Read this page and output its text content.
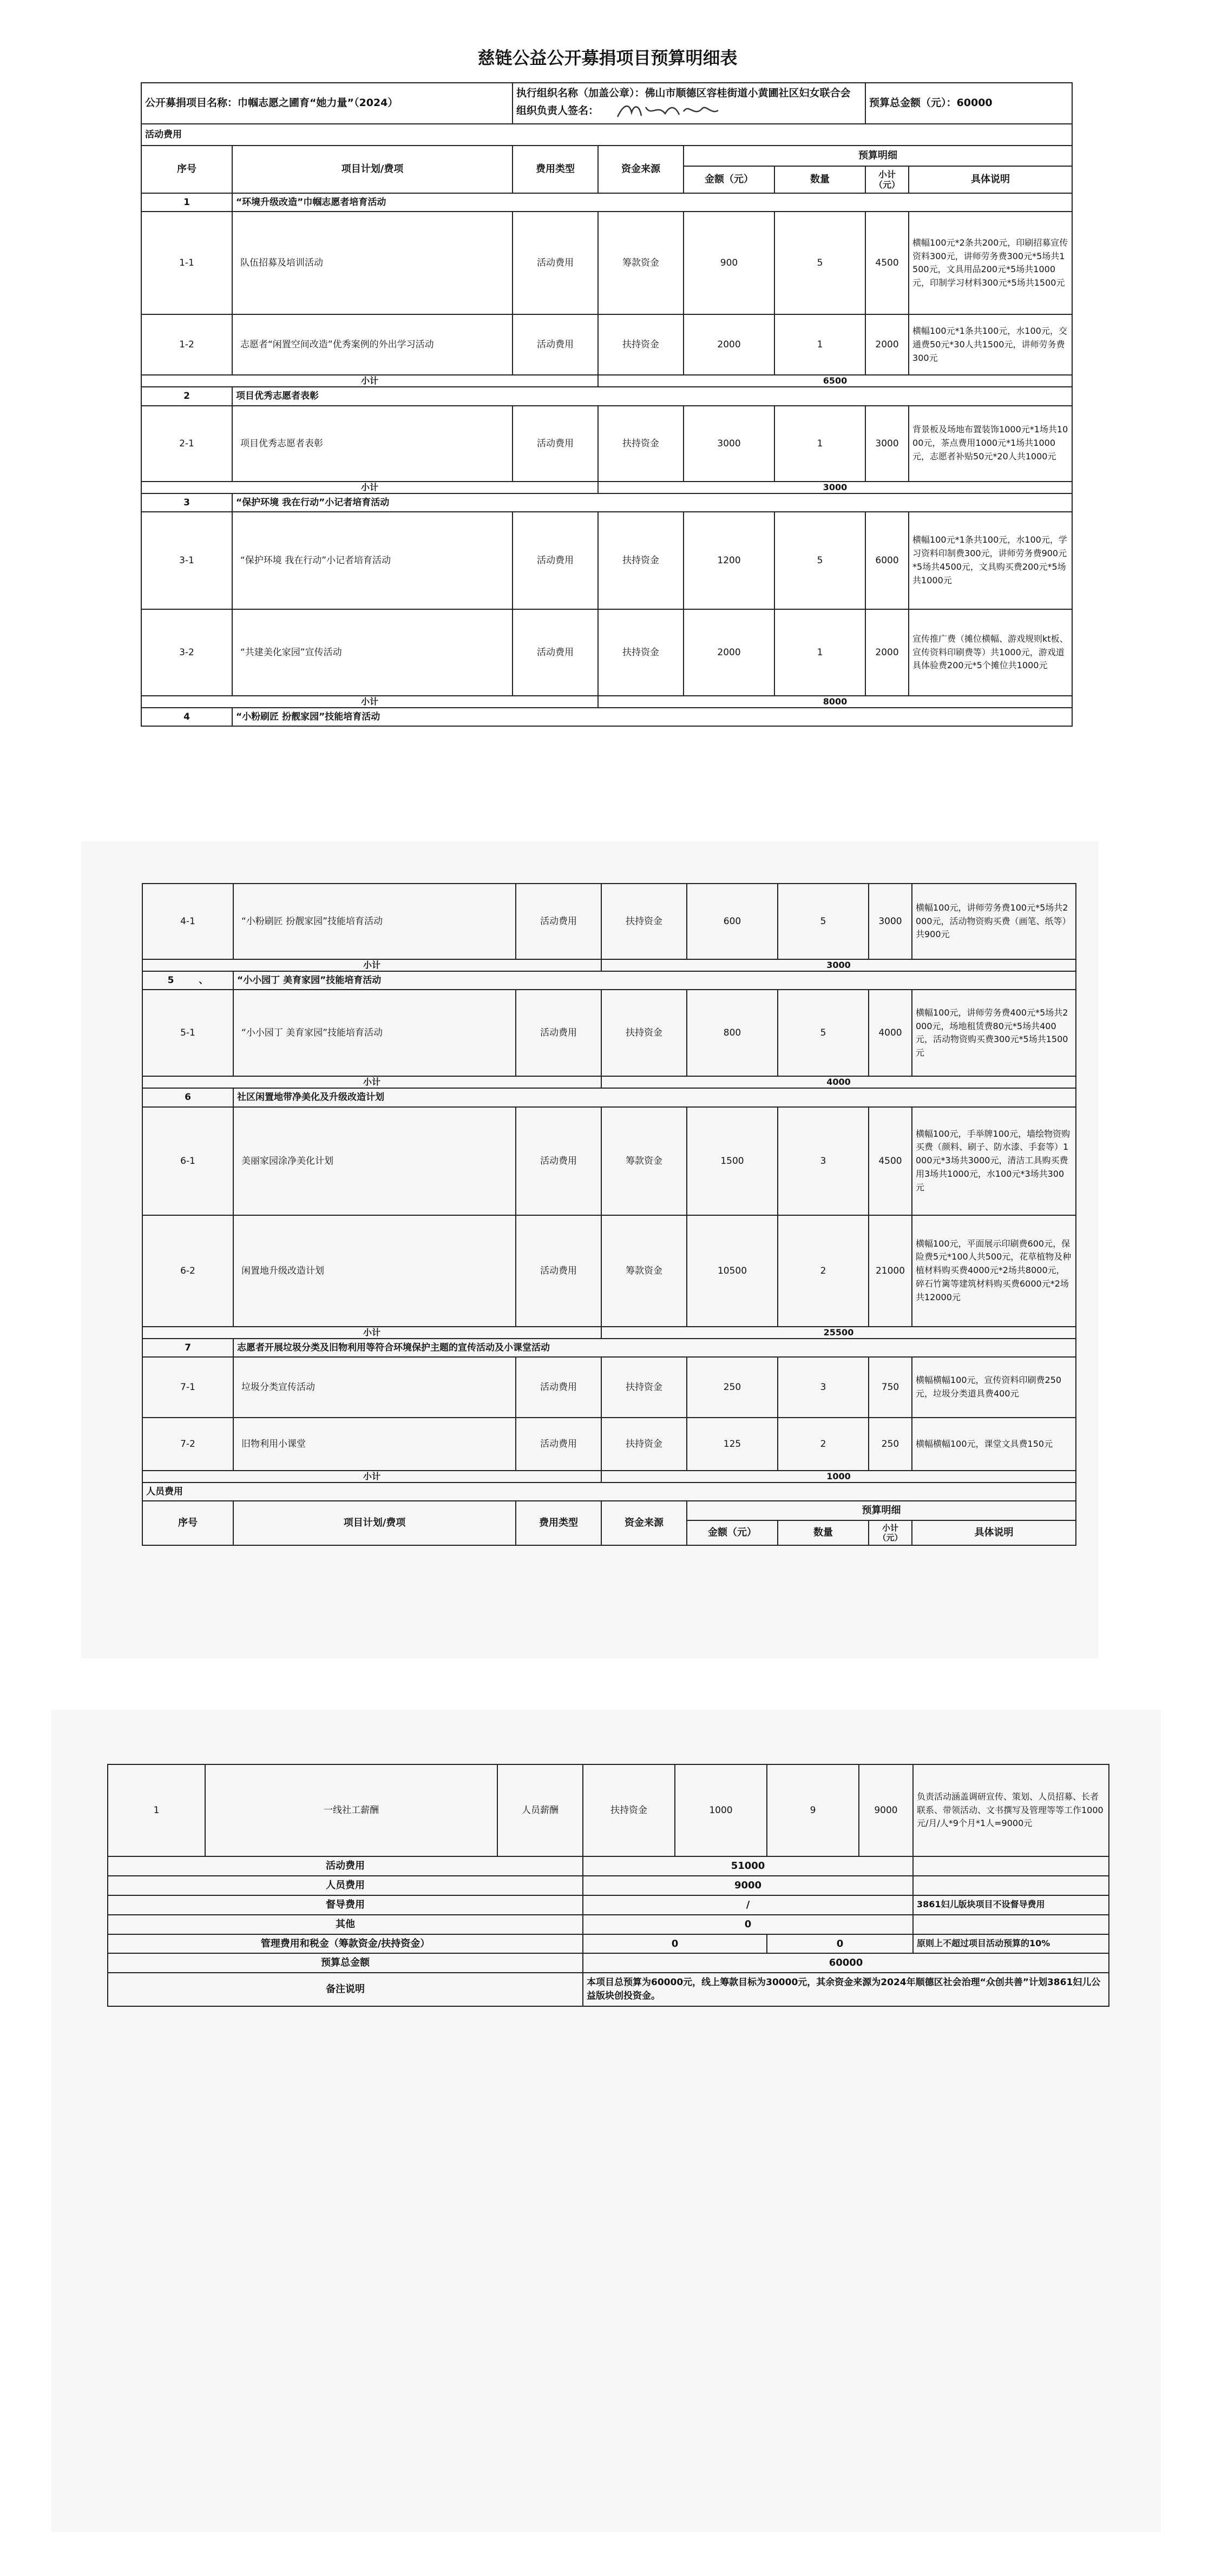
慈链公益公开募捐项目预算明细表
公开募捐项目名称：巾帼志愿之圃育“她力量”（2024）		执行组织名称（加盖公章）：佛山市顺德区容桂街道小黄圃社区妇女联合会
组织负责人签名：				预算总金额（元）：60000	
活动费用							
序号	项目计划/费项	费用类型	资金来源	预算明细			
				金额（元）	数量	小计（元）	具体说明
1	“环境升级改造”巾帼志愿者培育活动						
1-1	队伍招募及培训活动	活动费用	筹款资金	900	5	4500	横幅100元*2条共200元，印刷招募宣传资料300元，讲师劳务费300元*5场共1500元，文具用品200元*5场共1000元，印制学习材料300元*5场共1500元
1-2	志愿者“闲置空间改造”优秀案例的外出学习活动	活动费用	扶持资金	2000	1	2000	横幅100元*1条共100元，水100元，交通费50元*30人共1500元，讲师劳务费300元
小计			6500				
2	项目优秀志愿者表彰						
2-1	项目优秀志愿者表彰	活动费用	扶持资金	3000	1	3000	背景板及场地布置装饰1000元*1场共1000元，茶点费用1000元*1场共1000元，志愿者补贴50元*20人共1000元
小计			3000				
3	“保护环境 我在行动”小记者培育活动						
3-1	“保护环境 我在行动”小记者培育活动	活动费用	扶持资金	1200	5	6000	横幅100元*1条共100元，水100元，学习资料印制费300元，讲师劳务费900元*5场共4500元，文具购买费200元*5场共1000元
3-2	“共建美化家园”宣传活动	活动费用	扶持资金	2000	1	2000	宣传推广费（摊位横幅、游戏规则kt板、宣传资料印刷费等）共1000元，游戏道具体验费200元*5个摊位共1000元
小计			8000				
4	“小粉刷匠 扮靓家园”技能培育活动						
4-1	“小粉刷匠 扮靓家园”技能培育活动	活动费用	扶持资金	600	5	3000	横幅100元，讲师劳务费100元*5场共2000元，活动物资购买费（画笔、纸等）共900元
小计			3000				
5 、	“小小园丁 美育家园”技能培育活动						
5-1	“小小园丁 美育家园”技能培育活动	活动费用	扶持资金	800	5	4000	横幅100元，讲师劳务费400元*5场共2000元，场地租赁费80元*5场共400元，活动物资购买费300元*5场共1500元
小计			4000				
6	社区闲置地带净美化及升级改造计划						
6-1	美丽家园涂净美化计划	活动费用	筹款资金	1500	3	4500	横幅100元，手举牌100元，墙绘物资购买费（颜料、刷子、防水漆、手套等）1000元*3场共3000元，清洁工具购买费用3场共1000元，水100元*3场共300元
6-2	闲置地升级改造计划	活动费用	筹款资金	10500	2	21000	横幅100元，平面展示印刷费600元，保险费5元*100人共500元，花草植物及种植材料购买费4000元*2场共8000元，碎石竹篱等建筑材料购买费6000元*2场共12000元
小计			25500				
7	志愿者开展垃圾分类及旧物利用等符合环境保护主题的宣传活动及小课堂活动						
7-1	垃圾分类宣传活动	活动费用	扶持资金	250	3	750	横幅横幅100元，宣传资料印刷费250元，垃圾分类道具费400元
7-2	旧物利用小课堂	活动费用	扶持资金	125	2	250	横幅横幅100元，课堂文具费150元
小计			1000				
人员费用							
序号	项目计划/费项	费用类型	资金来源	预算明细			
				金额（元）	数量	小计（元）	具体说明
1	一线社工薪酬	人员薪酬	扶持资金	1000	9	9000	负责活动涵盖调研宣传、策划、人员招募、长者联系、带领活动、文书撰写及管理等等工作1000元/月/人*9个月*1人=9000元
活动费用			51000				
人员费用			9000				
督导费用			/				3861妇儿版块项目不设督导费用
其他			0				
管理费用和税金（筹款资金/扶持资金）			0		0		原则上不超过项目活动预算的10%
预算总金额			60000				
备注说明			本项目总预算为60000元，线上筹款目标为30000元，其余资金来源为2024年顺德区社会治理“众创共善”计划3861妇儿公益版块创投资金。				
